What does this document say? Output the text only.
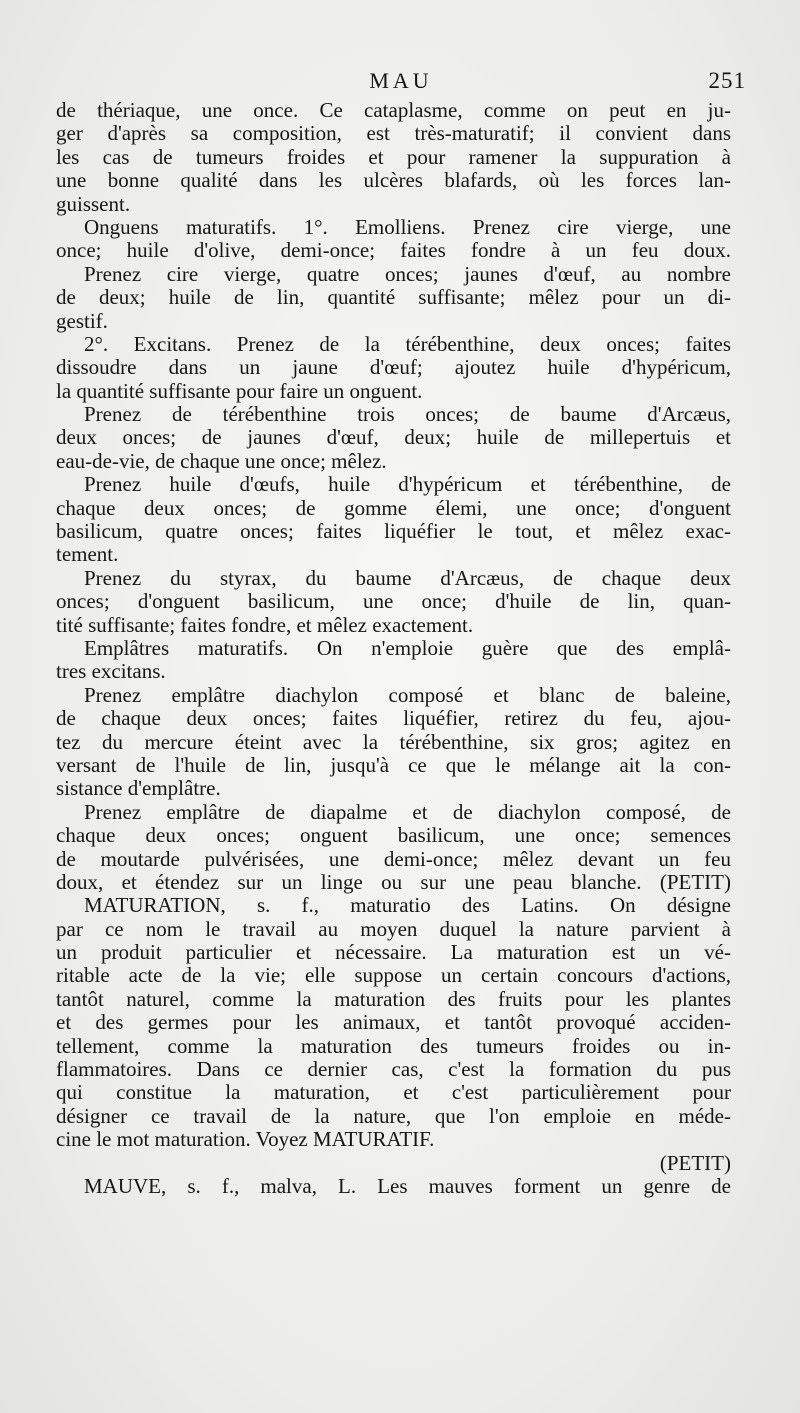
MAU	251
de thériaque, une once. Ce cataplasme, comme on peut en ju-
ger d'après sa composition, est très-maturatif; il convient dans
les cas de tumeurs froides et pour ramener la suppuration à
une bonne qualité dans les ulcères blafards, où les forces lan-
guissent.
Onguens maturatifs. 1°. Emolliens. Prenez cire vierge, une
once; huile d'olive, demi-once; faites fondre à un feu doux.
Prenez cire vierge, quatre onces; jaunes d'œuf, au nombre
de deux; huile de lin, quantité suffisante; mêlez pour un di-
gestif.
2°. Excitans. Prenez de la térébenthine, deux onces; faites
dissoudre dans un jaune d'œuf; ajoutez huile d'hypéricum,
la quantité suffisante pour faire un onguent.
Prenez de térébenthine trois onces; de baume d'Arcæus,
deux onces; de jaunes d'œuf, deux; huile de millepertuis et
eau-de-vie, de chaque une once; mêlez.
Prenez huile d'œufs, huile d'hypéricum et térébenthine, de
chaque deux onces; de gomme élemi, une once; d'onguent
basilicum, quatre onces; faites liquéfier le tout, et mêlez exac-
tement.
Prenez du styrax, du baume d'Arcæus, de chaque deux
onces; d'onguent basilicum, une once; d'huile de lin, quan-
tité suffisante; faites fondre, et mêlez exactement.
Emplâtres maturatifs. On n'emploie guère que des emplâ-
tres excitans.
Prenez emplâtre diachylon composé et blanc de baleine,
de chaque deux onces; faites liquéfier, retirez du feu, ajou-
tez du mercure éteint avec la térébenthine, six gros; agitez en
versant de l'huile de lin, jusqu'à ce que le mélange ait la con-
sistance d'emplâtre.
Prenez emplâtre de diapalme et de diachylon composé, de
chaque deux onces; onguent basilicum, une once; semences
de moutarde pulvérisées, une demi-once; mêlez devant un feu
doux, et étendez sur un linge ou sur une peau blanche. (PETIT)
MATURATION, s. f., maturatio des Latins. On désigne
par ce nom le travail au moyen duquel la nature parvient à
un produit particulier et nécessaire. La maturation est un vé-
ritable acte de la vie; elle suppose un certain concours d'actions,
tantôt naturel, comme la maturation des fruits pour les plantes
et des germes pour les animaux, et tantôt provoqué acciden-
tellement, comme la maturation des tumeurs froides ou in-
flammatoires. Dans ce dernier cas, c'est la formation du pus
qui constitue la maturation, et c'est particulièrement pour
désigner ce travail de la nature, que l'on emploie en méde-
cine le mot maturation. Voyez MATURATIF.
(PETIT)
MAUVE, s. f., malva, L. Les mauves forment un genre de
